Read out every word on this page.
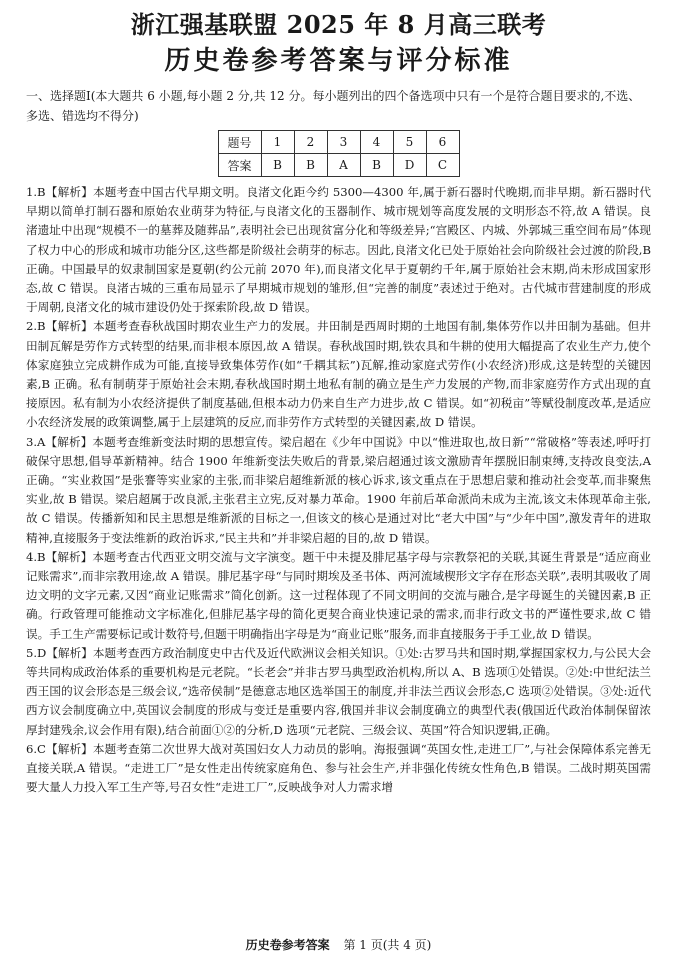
浙江强基联盟 2025 年 8 月高三联考
历史卷参考答案与评分标准

一、选择题Ⅰ(本大题共 6 小题,每小题 2 分,共 12 分。每小题列出的四个备选项中只有一个是符合题目要求的,不选、多选、错选均不得分)

题号	1	2	3	4	5	6
答案	B	B	A	B	D	C

1.B【解析】本题考查中国古代早期文明。良渚文化距今约 5300—4300 年,属于新石器时代晚期,而非早期。新石器时代早期以简单打制石器和原始农业萌芽为特征,与良渚文化的玉器制作、城市规划等高度发展的文明形态不符,故 A 错误。良渚遗址中出现“规模不一的墓葬及随葬品”,表明社会已出现贫富分化和等级差异;“宫殿区、内城、外郭城三重空间布局”体现了权力中心的形成和城市功能分区,这些都是阶级社会萌芽的标志。因此,良渚文化已处于原始社会向阶级社会过渡的阶段,B 正确。中国最早的奴隶制国家是夏朝(约公元前 2070 年),而良渚文化早于夏朝约千年,属于原始社会末期,尚未形成国家形态,故 C 错误。良渚古城的三重布局显示了早期城市规划的雏形,但“完善的制度”表述过于绝对。古代城市营建制度的形成于周朝,良渚文化的城市建设仍处于探索阶段,故 D 错误。

2.B【解析】本题考查春秋战国时期农业生产力的发展。井田制是西周时期的土地国有制,集体劳作以井田制为基础。但井田制瓦解是劳作方式转型的结果,而非根本原因,故 A 错误。春秋战国时期,铁农具和牛耕的使用大幅提高了农业生产力,使个体家庭独立完成耕作成为可能,直接导致集体劳作(如“千耦其耘”)瓦解,推动家庭式劳作(小农经济)形成,这是转型的关键因素,B 正确。私有制萌芽于原始社会末期,春秋战国时期土地私有制的确立是生产力发展的产物,而非家庭劳作方式出现的直接原因。私有制为小农经济提供了制度基础,但根本动力仍来自生产力进步,故 C 错误。如“初税亩”等赋役制度改革,是适应小农经济发展的政策调整,属于上层建筑的反应,而非劳作方式转型的关键因素,故 D 错误。

3.A【解析】本题考查维新变法时期的思想宣传。梁启超在《少年中国说》中以“惟进取也,故日新”“常破格”等表述,呼吁打破保守思想,倡导革新精神。结合 1900 年维新变法失败后的背景,梁启超通过该文激励青年摆脱旧制束缚,支持改良变法,A 正确。“实业救国”是张謇等实业家的主张,而非梁启超维新派的核心诉求,该文重点在于思想启蒙和推动社会变革,而非聚焦实业,故 B 错误。梁启超属于改良派,主张君主立宪,反对暴力革命。1900 年前后革命派尚未成为主流,该文未体现革命主张,故 C 错误。传播新知和民主思想是维新派的目标之一,但该文的核心是通过对比“老大中国”与“少年中国”,激发青年的进取精神,直接服务于变法维新的政治诉求,“民主共和”并非梁启超的目的,故 D 错误。

4.B【解析】本题考查古代西亚文明交流与文字演变。题干中未提及腓尼基字母与宗教祭祀的关联,其诞生背景是“适应商业记账需求”,而非宗教用途,故 A 错误。腓尼基字母“与同时期埃及圣书体、两河流域楔形文字存在形态关联”,表明其吸收了周边文明的文字元素,又因“商业记账需求”简化创新。这一过程体现了不同文明间的交流与融合,是字母诞生的关键因素,B 正确。行政管理可能推动文字标准化,但腓尼基字母的简化更契合商业快速记录的需求,而非行政文书的严谨性要求,故 C 错误。手工生产需要标记或计数符号,但题干明确指出字母是为“商业记账”服务,而非直接服务于手工业,故 D 错误。

5.D【解析】本题考查西方政治制度史中古代及近代欧洲议会相关知识。①处:古罗马共和国时期,掌握国家权力,与公民大会等共同构成政治体系的重要机构是元老院。“长老会”并非古罗马典型政治机构,所以 A、B 选项①处错误。②处:中世纪法兰西王国的议会形态是三级会议,“选帝侯制”是德意志地区选举国王的制度,并非法兰西议会形态,C 选项②处错误。③处:近代西方议会制度确立中,英国议会制度的形成与变迁是重要内容,俄国并非议会制度确立的典型代表(俄国近代政治体制保留浓厚封建残余,议会作用有限),结合前面①②的分析,D 选项“元老院、三级会议、英国”符合知识逻辑,正确。

6.C【解析】本题考查第二次世界大战对英国妇女人力动员的影响。海报强调“英国女性,走进工厂”,与社会保障体系完善无直接关联,A 错误。“走进工厂”是女性走出传统家庭角色、参与社会生产,并非强化传统女性角色,B 错误。二战时期英国需要大量人力投入军工生产等,号召女性“走进工厂”,反映战争对人力需求增

历史卷参考答案 第 1 页(共 4 页)
